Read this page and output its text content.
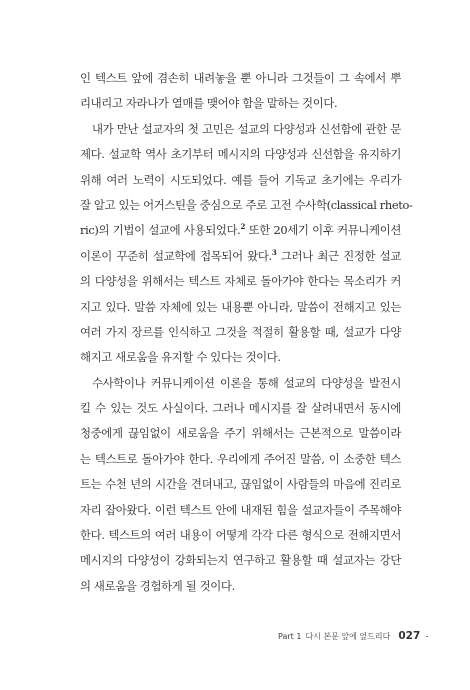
인 텍스트 앞에 겸손히 내려놓을 뿐 아니라 그것들이 그 속에서 뿌
리내리고 자라나가 열매를 맺어야 함을 말하는 것이다.
내가 만난 설교자의 첫 고민은 설교의 다양성과 신선함에 관한 문
제다. 설교학 역사 초기부터 메시지의 다양성과 신선함을 유지하기
위해 여러 노력이 시도되었다. 예를 들어 기독교 초기에는 우리가
잘 알고 있는 어거스틴을 중심으로 주로 고전 수사학(classical rheto-
ric)의 기법이 설교에 사용되었다.$^2$ 또한 20세기 이후 커뮤니케이션
이론이 꾸준히 설교학에 접목되어 왔다.$^3$ 그러나 최근 진정한 설교
의 다양성을 위해서는 텍스트 자체로 돌아가야 한다는 목소리가 커
지고 있다. 말씀 자체에 있는 내용뿐 아니라, 말씀이 전해지고 있는
여러 가지 장르를 인식하고 그것을 적절히 활용할 때, 설교가 다양
해지고 새로움을 유지할 수 있다는 것이다.
수사학이나 커뮤니케이션 이론을 통해 설교의 다양성을 발전시
킬 수 있는 것도 사실이다. 그러나 메시지를 잘 살려내면서 동시에
청중에게 끊임없이 새로움을 주기 위해서는 근본적으로 말씀이라
는 텍스트로 돌아가야 한다. 우리에게 주어진 말씀, 이 소중한 텍스
트는 수천 년의 시간을 견뎌내고, 끊임없이 사람들의 마음에 진리로
자리 잡아왔다. 이런 텍스트 안에 내재된 힘을 설교자들이 주목해야
한다. 텍스트의 여러 내용이 어떻게 각각 다른 형식으로 전해지면서
메시지의 다양성이 강화되는지 연구하고 활용할 때 설교자는 강단
의 새로움을 경험하게 될 것이다.
Part 1 다시 본문 앞에 엎드리다 027
